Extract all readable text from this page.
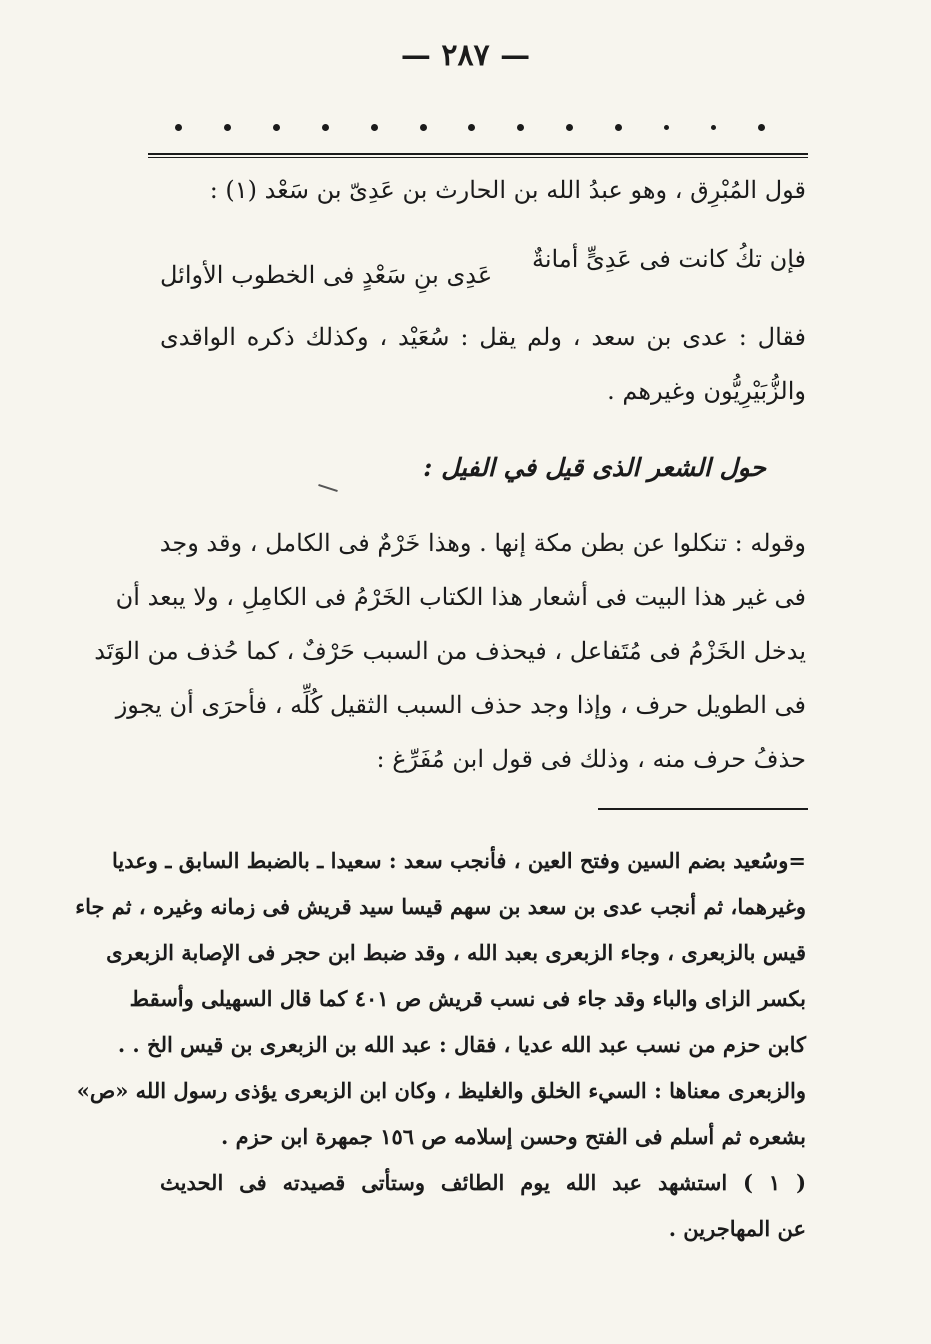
— ٢٨٧ —
قول المُبْرِق ، وهو عبدُ الله بن الحارث بن عَدِىّ بن سَعْد (١) :
فإن تكُ كانت فى عَدِىٍّ أمانةٌ
عَدِى بنِ سَعْدٍ فى الخطوب الأوائل
فقال : عدى بن سعد ، ولم يقل : سُعَيْد ، وكذلك ذكره الواقدى
والزُّبَيْرِيُّون وغيرهم .
حول الشعر الذى قيل في الفيل :
وقوله : تنكلوا عن بطن مكة إنها . وهذا خَرْمٌ فى الكامل ، وقد وجد
فى غير هذا البيت فى أشعار هذا الكتاب الخَرْمُ فى الكامِلِ ، ولا يبعد أن
يدخل الخَزْمُ فى مُتَفاعل ، فيحذف من السبب حَرْفٌ ، كما حُذف من الوَتَد
فى الطويل حرف ، وإذا وجد حذف السبب الثقيل كُلِّه ، فأحرَى أن يجوز
حذفُ حرف منه ، وذلك فى قول ابن مُفَرِّغ :
=وسُعيد بضم السين وفتح العين ، فأنجب سعد : سعيدا ـ بالضبط السابق ـ وعديا
وغيرهما، ثم أنجب عدى بن سعد بن سهم قيسا سيد قريش فى زمانه وغيره ، ثم جاء
قيس بالزبعرى ، وجاء الزبعرى بعبد الله ، وقد ضبط ابن حجر فى الإصابة الزبعرى
بكسر الزاى والباء وقد جاء فى نسب قريش ص ٤٠١ كما قال السهيلى وأسقط
كابن حزم من نسب عبد الله عديا ، فقال : عبد الله بن الزبعرى بن قيس الخ . .
والزبعرى معناها : السيء الخلق والغليظ ، وكان ابن الزبعرى يؤذى رسول الله «ص»
بشعره ثم أسلم فى الفتح وحسن إسلامه ص ١٥٦ جمهرة ابن حزم .
( ١ ) استشهد عبد الله يوم الطائف وستأتى قصيدته فى الحديث
عن المهاجرين .
